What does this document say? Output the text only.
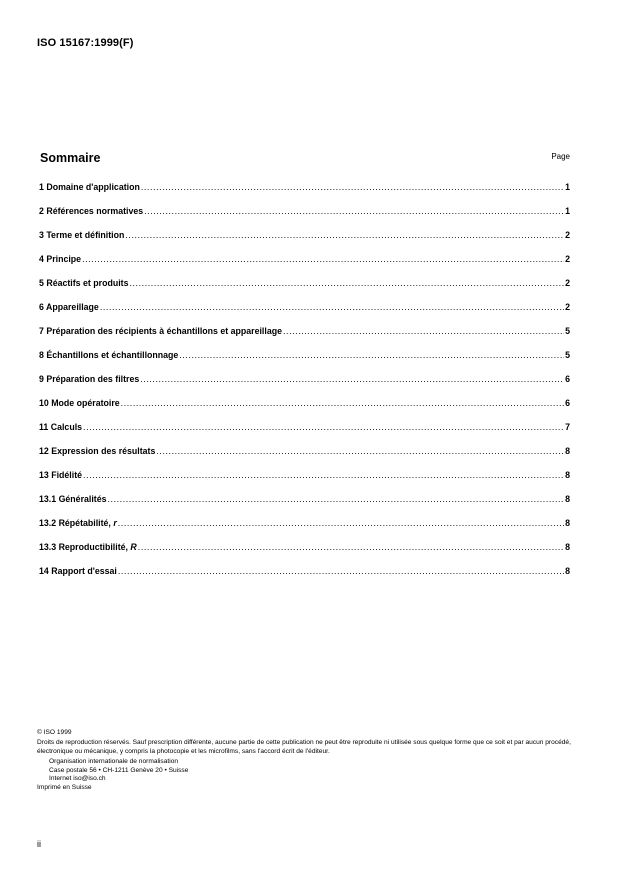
ISO 15167:1999(F)
Sommaire	Page
1 Domaine d'application .....	1
2 Références normatives .....	1
3 Terme et définition .....	2
4 Principe .....	2
5 Réactifs et produits .....	2
6 Appareillage .....	2
7 Préparation des récipients à échantillons et appareillage .....	5
8 Échantillons et échantillonnage .....	5
9 Préparation des filtres .....	6
10 Mode opératoire .....	6
11 Calculs .....	7
12 Expression des résultats .....	8
13 Fidélité .....	8
13.1 Généralités .....	8
13.2 Répétabilité, r .....	8
13.3 Reproductibilité, R .....	8
14 Rapport d'essai .....	8

© ISO 1999

Droits de reproduction réservés. Sauf prescription différente, aucune partie de cette publication ne peut être reproduite ni utilisée sous quelque forme que ce soit et par aucun procédé, électronique ou mécanique, y compris la photocopie et les microfilms, sans l'accord écrit de l'éditeur.

Organisation internationale de normalisation

Case postale 56 • CH-1211 Genève 20 • Suisse

Internet iso@iso.ch

Imprimé en Suisse

ii
